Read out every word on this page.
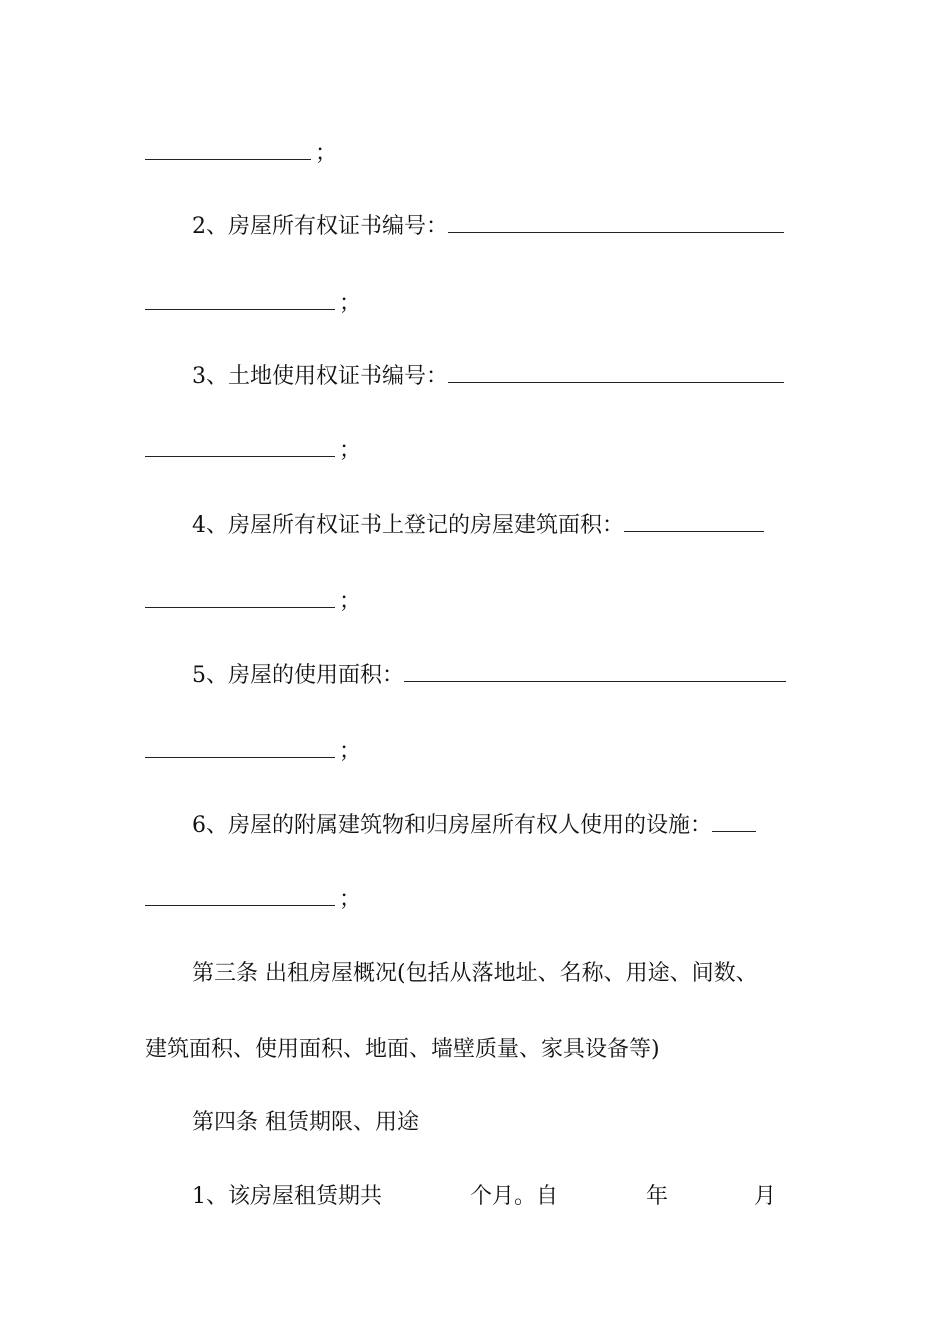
；
2、房屋所有权证书编号：
；
3、土地使用权证书编号：
；
4、房屋所有权证书上登记的房屋建筑面积：
；
5、房屋的使用面积：
；
6、房屋的附属建筑物和归房屋所有权人使用的设施：
；
第三条 出租房屋概况(包括从落地址、名称、用途、间数、
建筑面积、使用面积、地面、墙壁质量、家具设备等)
第四条 租赁期限、用途
1、该房屋租赁期共	个月。自	年	月
